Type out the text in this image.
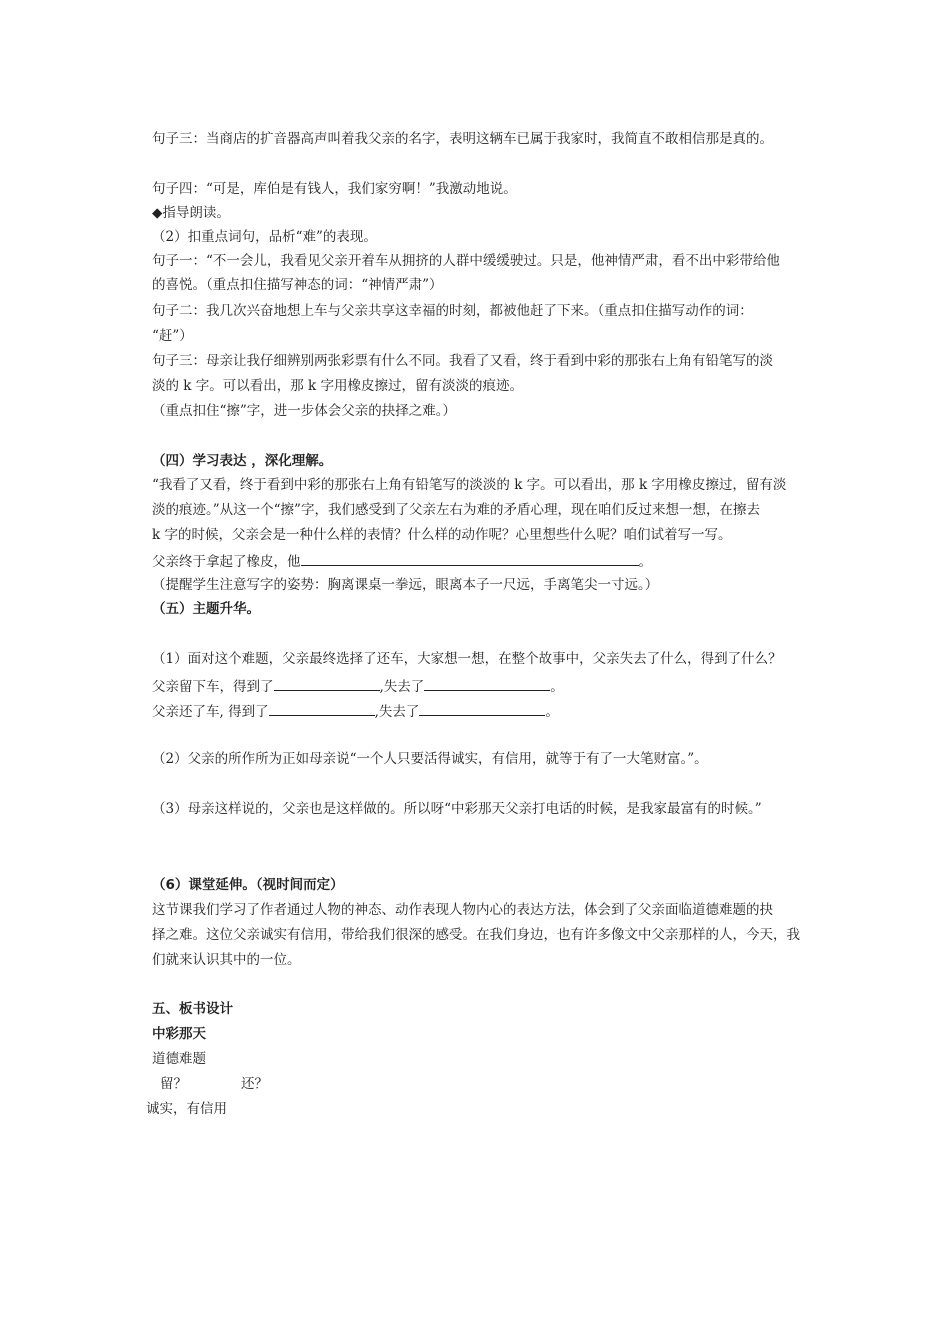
句子三：当商店的扩音器高声叫着我父亲的名字，表明这辆车已属于我家时，我简直不敢相信那是真的。
句子四：“可是，库伯是有钱人，我们家穷啊！”我激动地说。
◆指导朗读。
（2）扣重点词句，品析“难”的表现。
句子一：“不一会儿，我看见父亲开着车从拥挤的人群中缓缓驶过。只是，他神情严肃，看不出中彩带给他
的喜悦。（重点扣住描写神态的词：“神情严肃”）
句子二：我几次兴奋地想上车与父亲共享这幸福的时刻，都被他赶了下来。（重点扣住描写动作的词：
“赶”）
句子三：母亲让我仔细辨别两张彩票有什么不同。我看了又看，终于看到中彩的那张右上角有铅笔写的淡
淡的 k 字。可以看出，那 k 字用橡皮擦过，留有淡淡的痕迹。
（重点扣住“擦”字，进一步体会父亲的抉择之难。）
（四）学习表达 ，深化理解。
“我看了又看，终于看到中彩的那张右上角有铅笔写的淡淡的 k 字。可以看出，那 k 字用橡皮擦过，留有淡
淡的痕迹。”从这一个“擦”字，我们感受到了父亲左右为难的矛盾心理，现在咱们反过来想一想，在擦去
k 字的时候，父亲会是一种什么样的表情？什么样的动作呢？心里想些什么呢？咱们试着写一写。
父亲终于拿起了橡皮，他	。
（提醒学生注意写字的姿势：胸离课桌一拳远，眼离本子一尺远，手离笔尖一寸远。）
（五）主题升华。
（1）面对这个难题，父亲最终选择了还车，大家想一想，在整个故事中，父亲失去了什么，得到了什么？
父亲留下车，得到了	,失去了	。
父亲还了车, 得到了	,失去了	。
（2）父亲的所作所为正如母亲说“一个人只要活得诚实，有信用，就等于有了一大笔财富。”。
（3）母亲这样说的，父亲也是这样做的。所以呀“中彩那天父亲打电话的时候，是我家最富有的时候。”
（6）课堂延伸。（视时间而定）
这节课我们学习了作者通过人物的神态、动作表现人物内心的表达方法，体会到了父亲面临道德难题的抉
择之难。这位父亲诚实有信用，带给我们很深的感受。在我们身边，也有许多像文中父亲那样的人，今天，我
们就来认识其中的一位。
五、板书设计
中彩那天
道德难题
留？	还？
诚实，有信用
